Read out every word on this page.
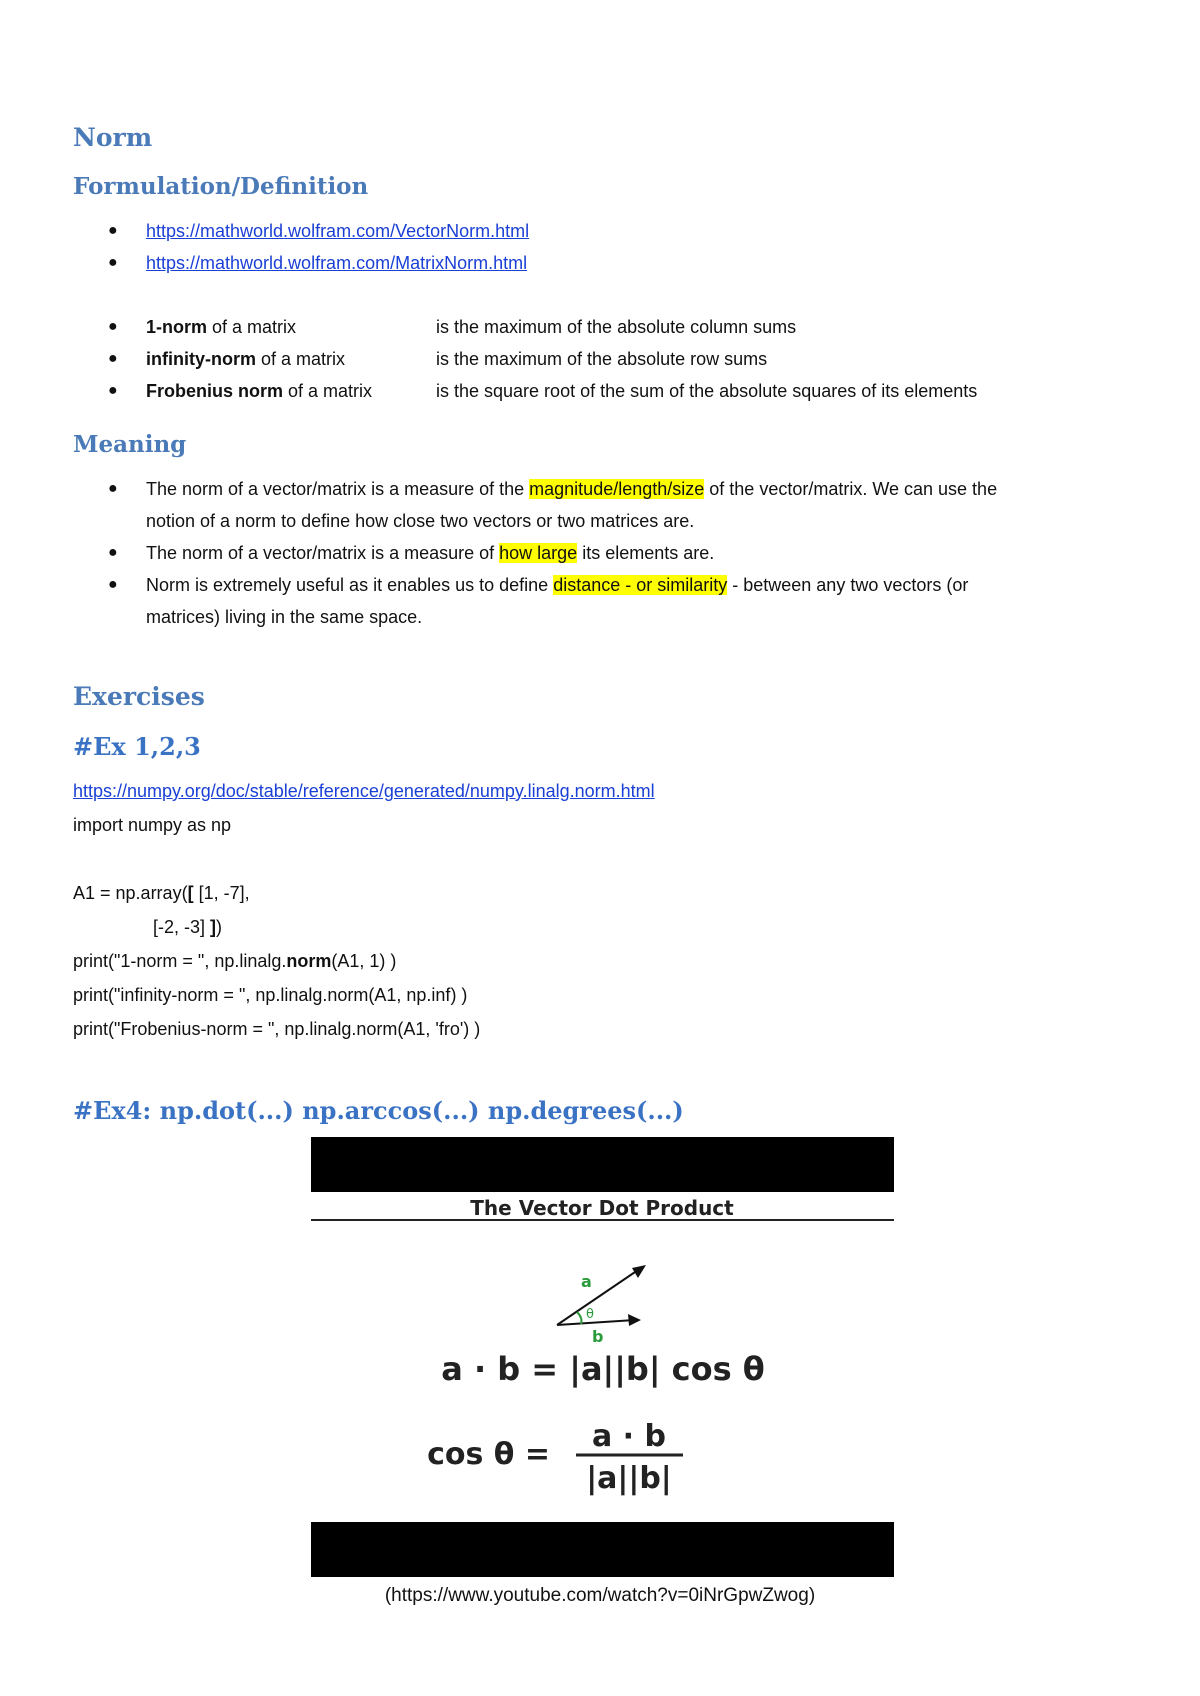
Norm
Formulation/Definition
● https://mathworld.wolfram.com/VectorNorm.html
● https://mathworld.wolfram.com/MatrixNorm.html
● 1-norm of a matrix	is the maximum of the absolute column sums
● infinity-norm of a matrix	is the maximum of the absolute row sums
● Frobenius norm of a matrix	is the square root of the sum of the absolute squares of its elements
Meaning
● The norm of a vector/matrix is a measure of the magnitude/length/size of the vector/matrix. We can use the
notion of a norm to define how close two vectors or two matrices are.
● The norm of a vector/matrix is a measure of how large its elements are.
● Norm is extremely useful as it enables us to define distance - or similarity - between any two vectors (or
matrices) living in the same space.
Exercises
#Ex 1,2,3
https://numpy.org/doc/stable/reference/generated/numpy.linalg.norm.html
import numpy as np
A1 = np.array([ [1, -7],
[-2, -3] ])
print("1-norm = ", np.linalg.norm(A1, 1) )
print("infinity-norm = ", np.linalg.norm(A1, np.inf) )
print("Frobenius-norm = ", np.linalg.norm(A1, 'fro') )
#Ex4: np.dot(...) np.arccos(...) np.degrees(...)
The Vector Dot Product
a
θ
b
a · b = |a||b| cos θ
cos θ =
a · b
|a||b|
(https://www.youtube.com/watch?v=0iNrGpwZwog)
